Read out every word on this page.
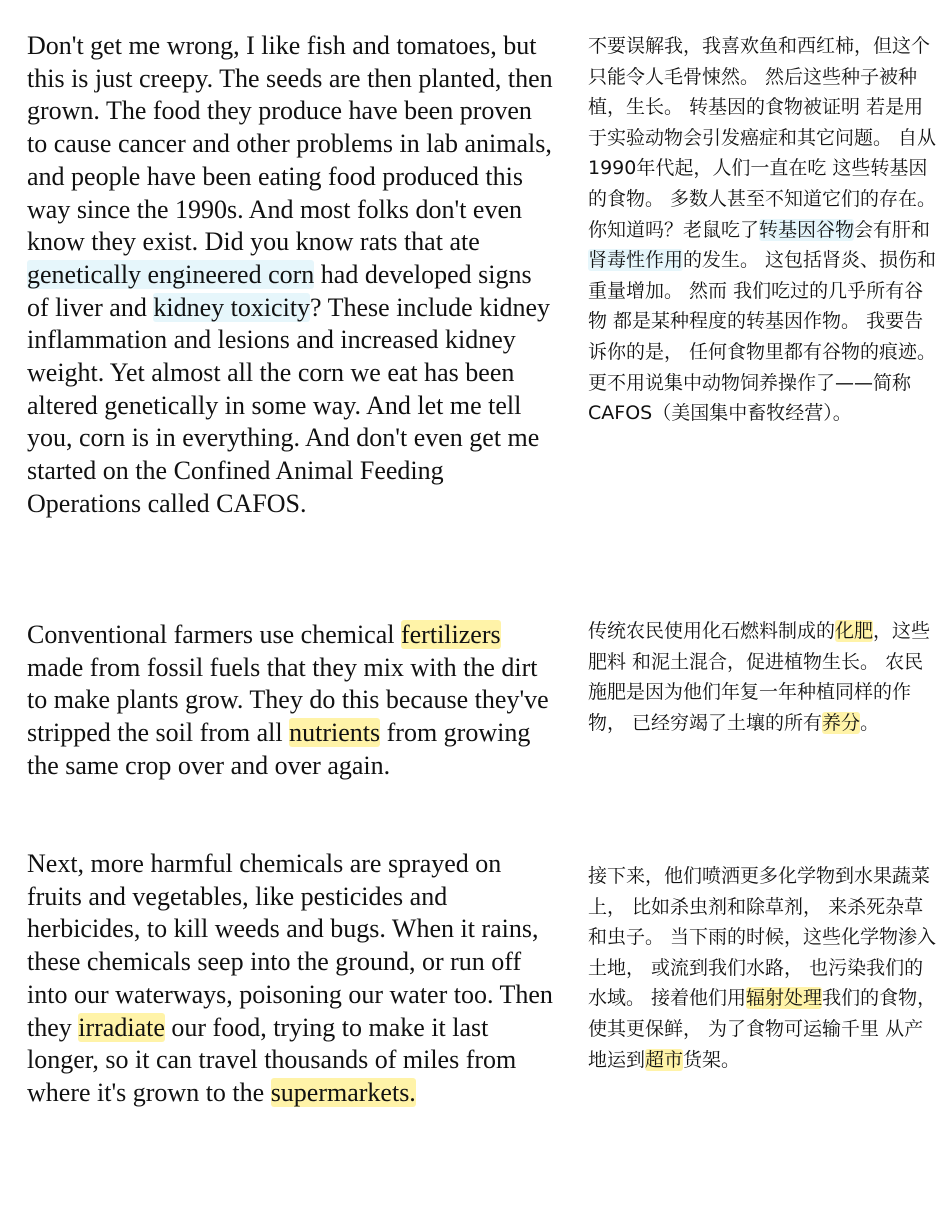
Don't get me wrong, I like fish and tomatoes, but this is just creepy. The seeds are then planted, then grown. The food they produce have been proven to cause cancer and other problems in lab animals, and people have been eating food produced this way since the 1990s. And most folks don't even know they exist. Did you know rats that ate genetically engineered corn had developed signs of liver and kidney toxicity? These include kidney inflammation and lesions and increased kidney weight. Yet almost all the corn we eat has been altered genetically in some way. And let me tell you, corn is in everything. And don't even get me started on the Confined Animal Feeding Operations called CAFOS.

不要误解我，我喜欢鱼和西红柿，但这个只能令人毛骨悚然。 然后这些种子被种植，生长。 转基因的食物被证明 若是用于实验动物会引发癌症和其它问题。 自从1990年代起，人们一直在吃 这些转基因的食物。 多数人甚至不知道它们的存在。 你知道吗？老鼠吃了转基因谷物会有肝和肾毒性作用的发生。 这包括肾炎、损伤和重量增加。 然而 我们吃过的几乎所有谷物 都是某种程度的转基因作物。 我要告诉你的是， 任何食物里都有谷物的痕迹。 更不用说集中动物饲养操作了——简称CAFOS（美国集中畜牧经营）。

Conventional farmers use chemical fertilizers made from fossil fuels that they mix with the dirt to make plants grow. They do this because they've stripped the soil from all nutrients from growing the same crop over and over again.

传统农民使用化石燃料制成的化肥，这些肥料 和泥土混合，促进植物生长。 农民施肥是因为他们年复一年种植同样的作物， 已经穷竭了土壤的所有养分。

Next, more harmful chemicals are sprayed on fruits and vegetables, like pesticides and herbicides, to kill weeds and bugs. When it rains, these chemicals seep into the ground, or run off into our waterways, poisoning our water too. Then they irradiate our food, trying to make it last longer, so it can travel thousands of miles from where it's grown to the supermarkets.

接下来，他们喷洒更多化学物到水果蔬菜上， 比如杀虫剂和除草剂， 来杀死杂草和虫子。 当下雨的时候，这些化学物渗入土地， 或流到我们水路， 也污染我们的水域。 接着他们用辐射处理我们的食物，使其更保鲜， 为了食物可运输千里 从产地运到超市货架。
